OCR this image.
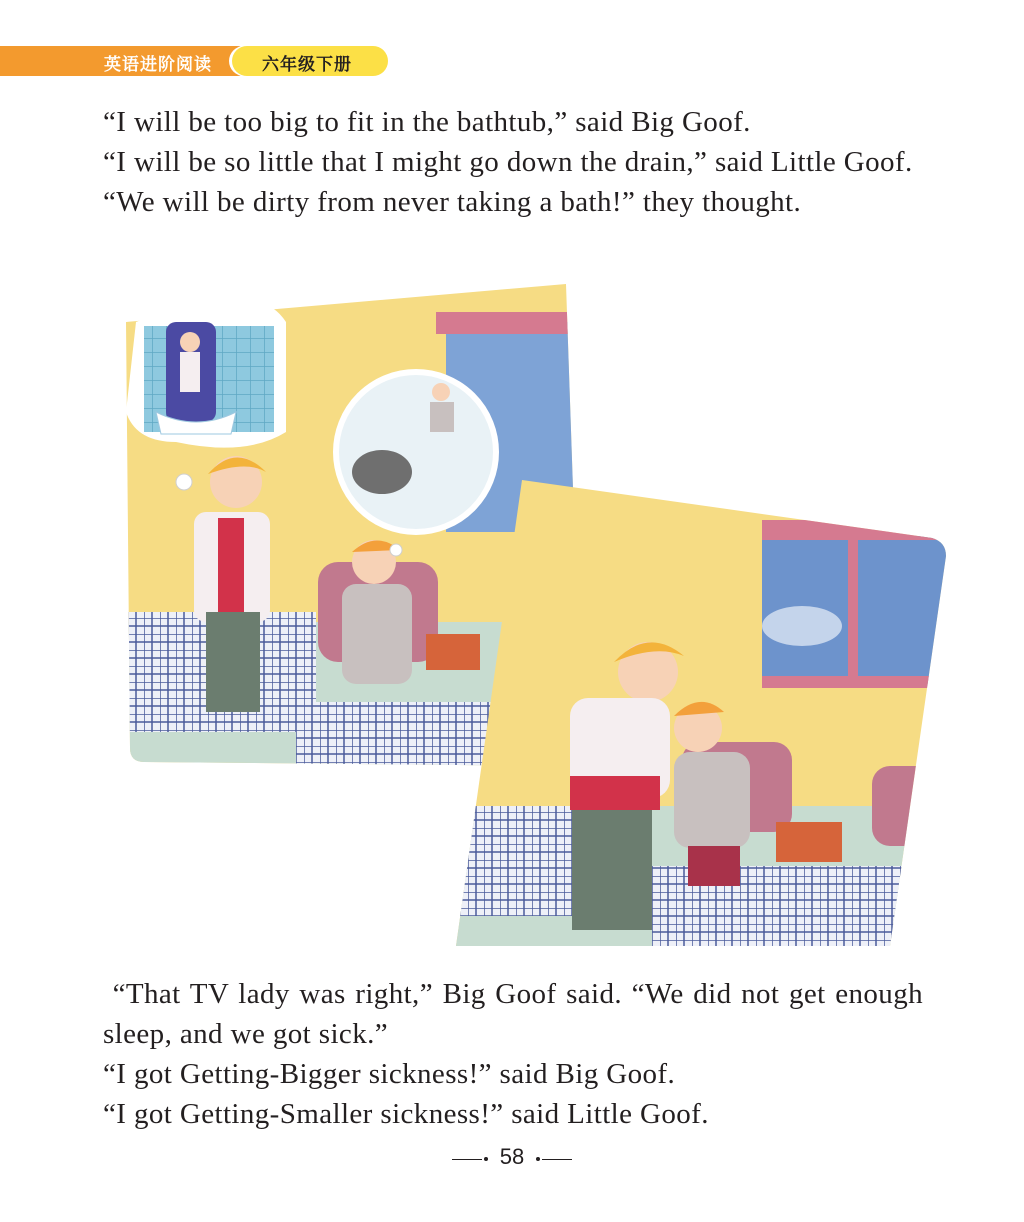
英语进阶阅读	六年级下册

“I will be too big to fit in the bathtub,” said Big Goof.

“I will be so little that I might go down the drain,” said Little Goof.

“We will be dirty from never taking a bath!” they thought.

“That TV lady was right,” Big Goof said. “We did not get enough sleep, and we got sick.”

“I got Getting-Bigger sickness!” said Big Goof.

“I got Getting-Smaller sickness!” said Little Goof.

58
